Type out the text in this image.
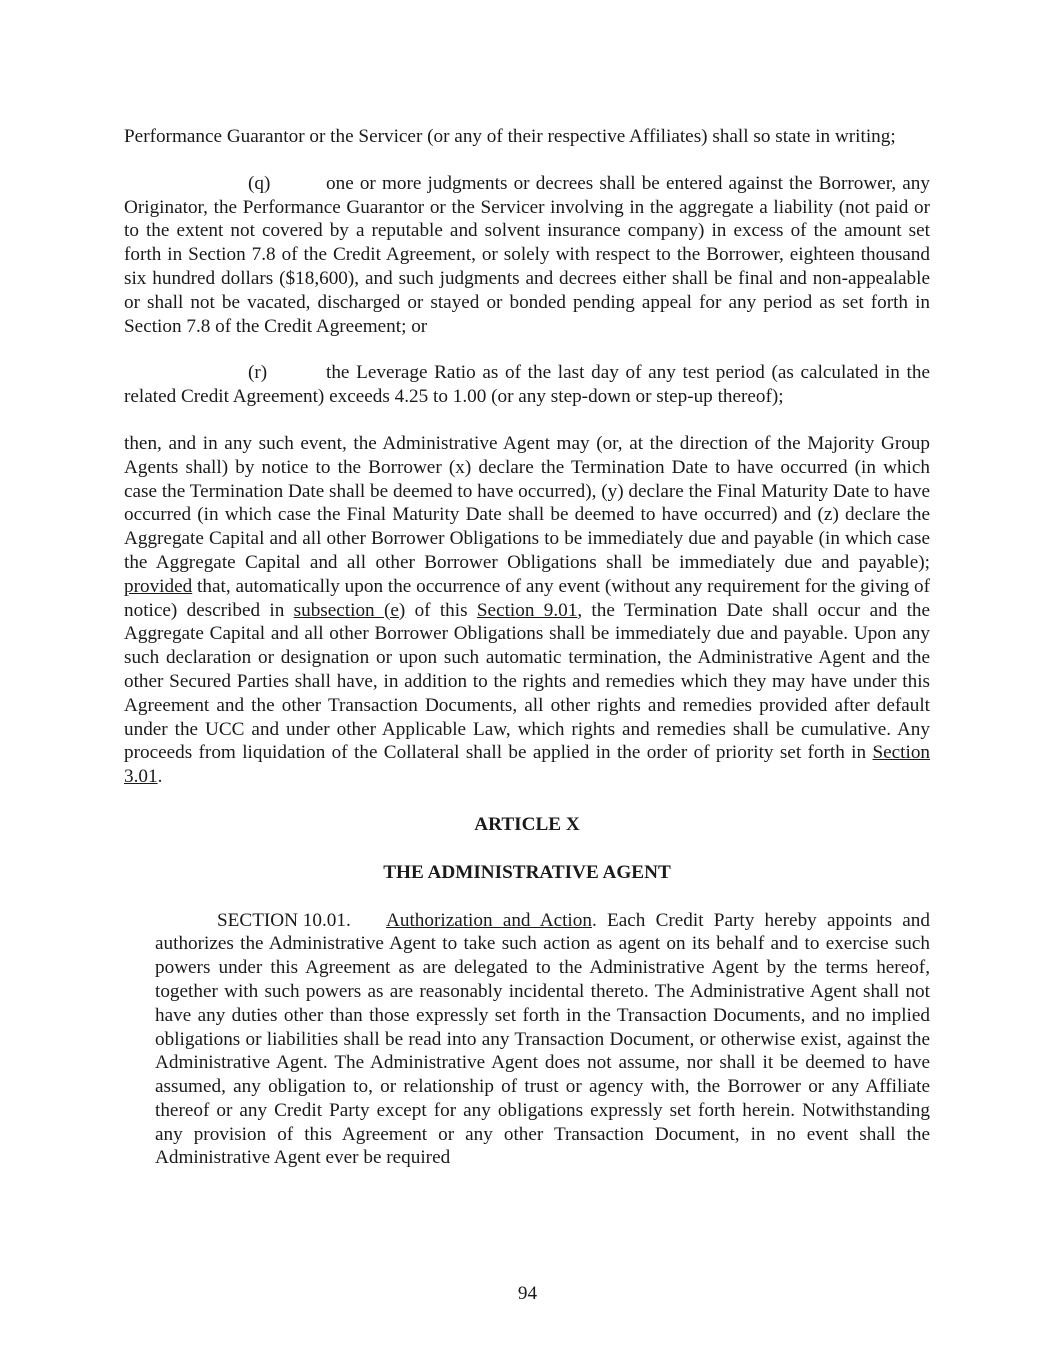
Performance Guarantor or the Servicer (or any of their respective Affiliates) shall so state in writing;

(q)	one or more judgments or decrees shall be entered against the Borrower, any Originator, the Performance Guarantor or the Servicer involving in the aggregate a liability (not paid or to the extent not covered by a reputable and solvent insurance company) in excess of the amount set forth in Section 7.8 of the Credit Agreement, or solely with respect to the Borrower, eighteen thousand six hundred dollars ($18,600), and such judgments and decrees either shall be final and non-appealable or shall not be vacated, discharged or stayed or bonded pending appeal for any period as set forth in Section 7.8 of the Credit Agreement; or

(r)	the Leverage Ratio as of the last day of any test period (as calculated in the related Credit Agreement) exceeds 4.25 to 1.00 (or any step-down or step-up thereof);

then, and in any such event, the Administrative Agent may (or, at the direction of the Majority Group Agents shall) by notice to the Borrower (x) declare the Termination Date to have occurred (in which case the Termination Date shall be deemed to have occurred), (y) declare the Final Maturity Date to have occurred (in which case the Final Maturity Date shall be deemed to have occurred) and (z) declare the Aggregate Capital and all other Borrower Obligations to be immediately due and payable (in which case the Aggregate Capital and all other Borrower Obligations shall be immediately due and payable); provided that, automatically upon the occurrence of any event (without any requirement for the giving of notice) described in subsection (e) of this Section 9.01, the Termination Date shall occur and the Aggregate Capital and all other Borrower Obligations shall be immediately due and payable. Upon any such declaration or designation or upon such automatic termination, the Administrative Agent and the other Secured Parties shall have, in addition to the rights and remedies which they may have under this Agreement and the other Transaction Documents, all other rights and remedies provided after default under the UCC and under other Applicable Law, which rights and remedies shall be cumulative. Any proceeds from liquidation of the Collateral shall be applied in the order of priority set forth in Section 3.01.

ARTICLE X

THE ADMINISTRATIVE AGENT

SECTION 10.01. Authorization and Action. Each Credit Party hereby appoints and authorizes the Administrative Agent to take such action as agent on its behalf and to exercise such powers under this Agreement as are delegated to the Administrative Agent by the terms hereof, together with such powers as are reasonably incidental thereto. The Administrative Agent shall not have any duties other than those expressly set forth in the Transaction Documents, and no implied obligations or liabilities shall be read into any Transaction Document, or otherwise exist, against the Administrative Agent. The Administrative Agent does not assume, nor shall it be deemed to have assumed, any obligation to, or relationship of trust or agency with, the Borrower or any Affiliate thereof or any Credit Party except for any obligations expressly set forth herein. Notwithstanding any provision of this Agreement or any other Transaction Document, in no event shall the Administrative Agent ever be required

94
